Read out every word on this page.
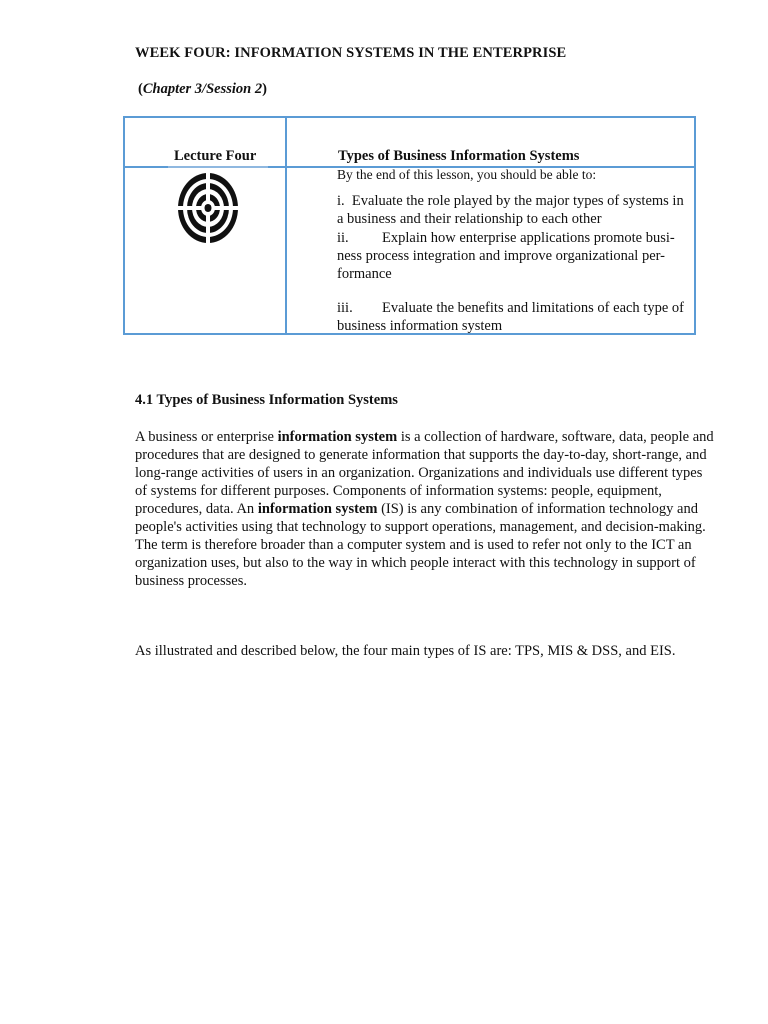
WEEK FOUR: INFORMATION SYSTEMS IN THE ENTERPRISE
(Chapter 3/Session 2)
Lecture Four	Types of Business Information Systems
By the end of this lesson, you should be able to:
i. Evaluate the role played by the major types of systems in a business and their relationship to each other
ii. Explain how enterprise applications promote busi-ness process integration and improve organizational per-formance
iii. Evaluate the benefits and limitations of each type of business information system
4.1 Types of Business Information Systems
A business or enterprise information system is a collection of hardware, software, data, people and procedures that are designed to generate information that supports the day-to-day, short-range, and long-range activities of users in an organization. Organizations and individuals use different types of systems for different purposes. Components of information systems: people, equipment, procedures, data. An information system (IS) is any combination of information technology and people's activities using that technology to support operations, management, and decision-making. The term is therefore broader than a computer system and is used to refer not only to the ICT an organization uses, but also to the way in which people interact with this technology in support of business processes.
As illustrated and described below, the four main types of IS are: TPS, MIS & DSS, and EIS.
